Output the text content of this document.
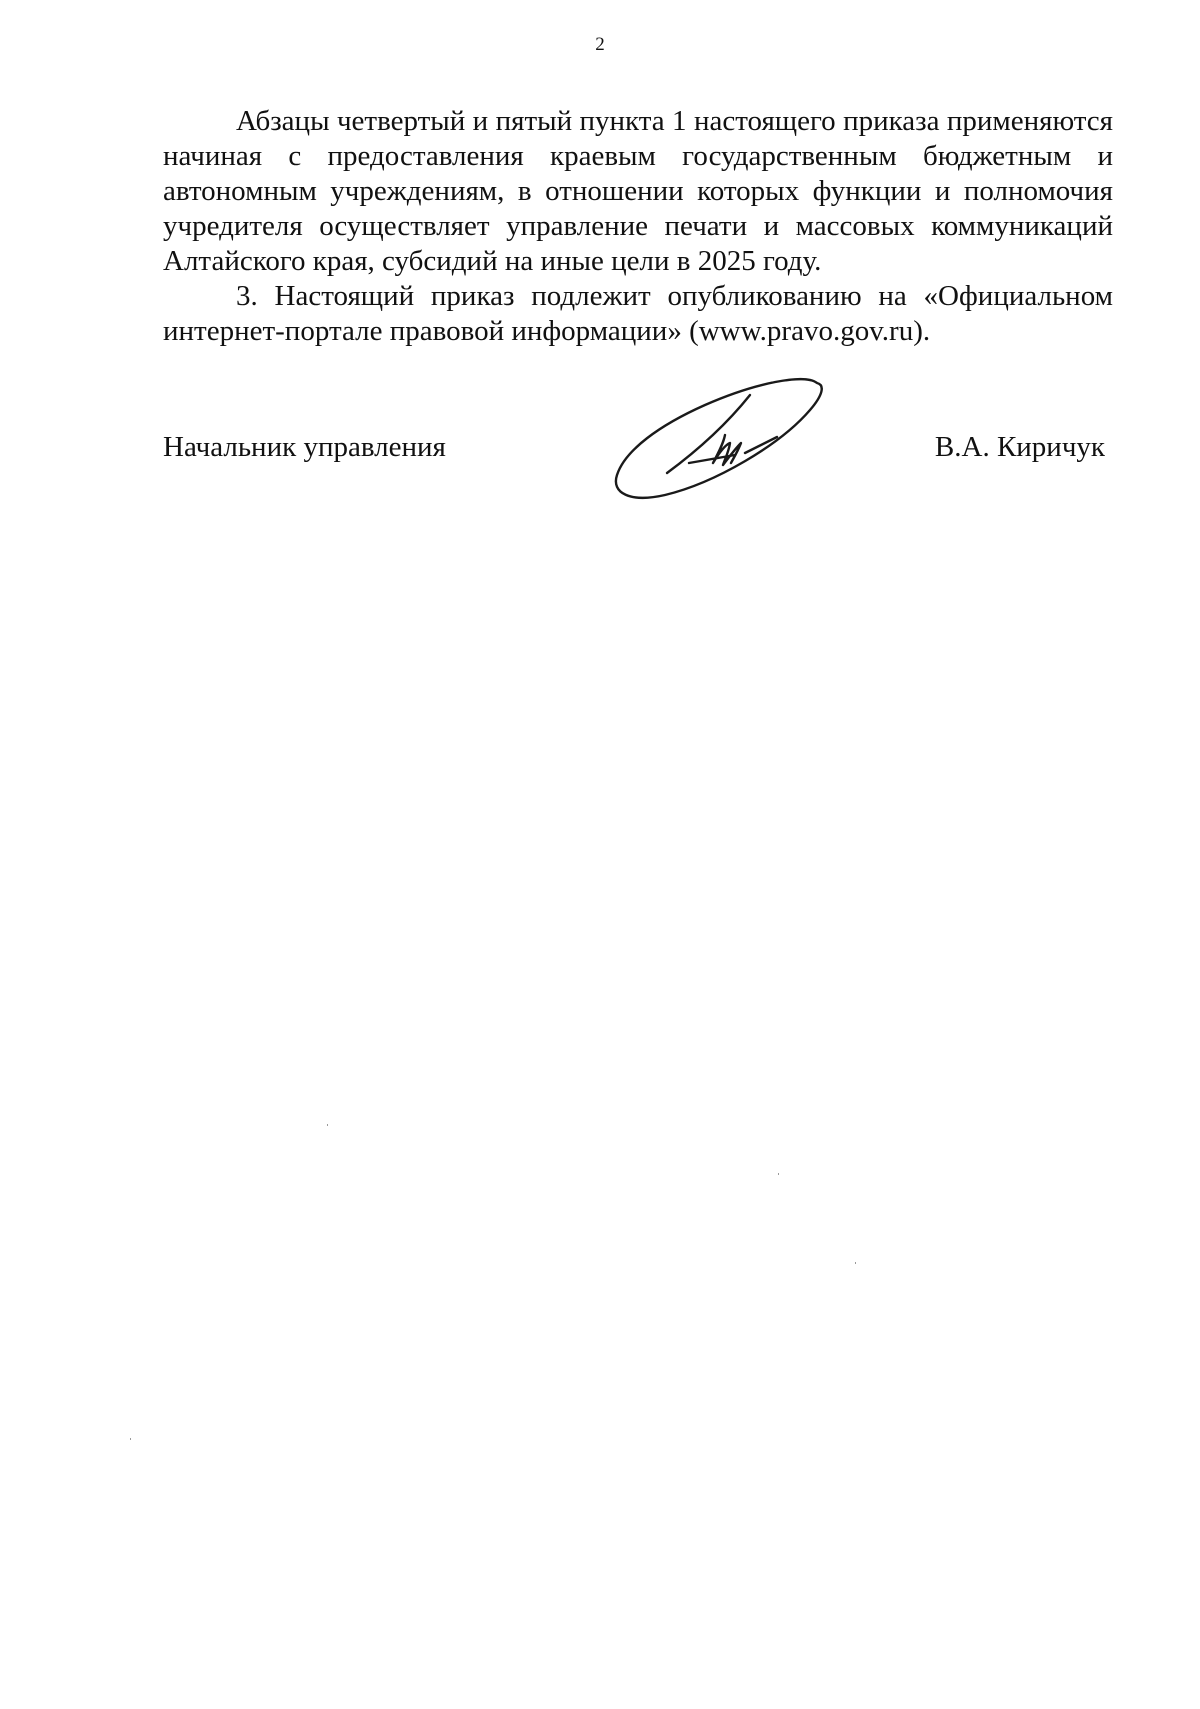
2

Абзацы четвертый и пятый пункта 1 настоящего приказа применяются начиная с предоставления краевым государственным бюджетным и автономным учреждениям, в отношении которых функции и полномочия учредителя осуществляет управление печати и массовых коммуникаций Алтайского края, субсидий на иные цели в 2025 году.

3. Настоящий приказ подлежит опубликованию на «Официальном интернет-портале правовой информации» (www.pravo.gov.ru).

Начальник управления	В.А. Киричук
